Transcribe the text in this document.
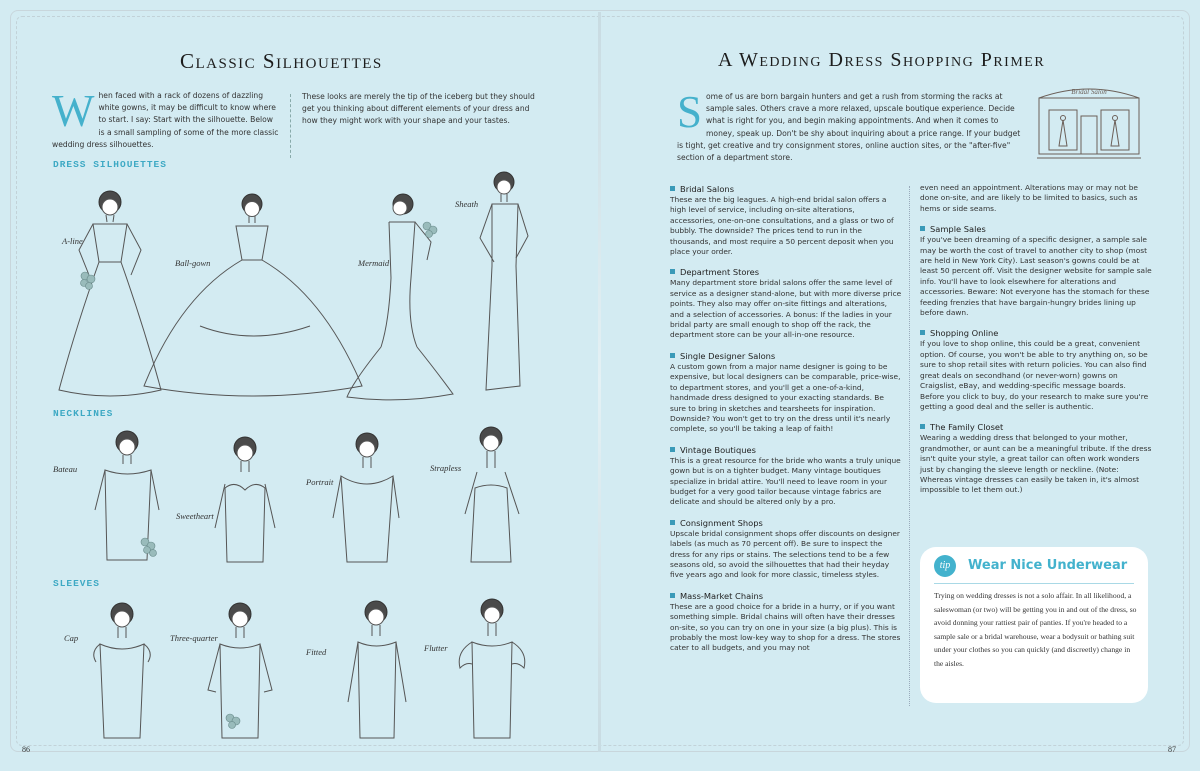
Classic Silhouettes

When faced with a rack of dozens of dazzling white gowns, it may be difficult to know where to start. I say: Start with the silhouette. Below is a small sampling of some of the more classic wedding dress silhouettes.

These looks are merely the tip of the iceberg but they should get you thinking about different elements of your dress and how they might work with your shape and your tastes.

DRESS SILHOUETTES
NECKLINES
SLEEVES
A-line
Ball-gown	Mermaid
Sheath
Bateau
Sweetheart
Portrait
Strapless
Cap	Three-quarter
Fitted	Flutter
86
A Wedding Dress Shopping Primer

Some of us are born bargain hunters and get a rush from storming the racks at sample sales. Others crave a more relaxed, upscale boutique experience. Decide what is right for you, and begin making appointments. And when it comes to money, speak up. Don't be shy about inquiring about a price range. If your budget is tight, get creative and try consignment stores, online auction sites, or the "after-five" section of a department store.

Bridal Salon
Bridal Salons

These are the big leagues. A high-end bridal salon offers a high level of service, including on-site alterations, accessories, one-on-one consultations, and a glass or two of bubbly. The downside? The prices tend to run in the thousands, and most require a 50 percent deposit when you place your order.

Department Stores

Many department store bridal salons offer the same level of service as a designer stand-alone, but with more diverse price points. They also may offer on-site fittings and alterations, and a selection of accessories. A bonus: If the ladies in your bridal party are small enough to shop off the rack, the department store can be your all-in-one resource.

Single Designer Salons

A custom gown from a major name designer is going to be expensive, but local designers can be comparable, price-wise, to department stores, and you'll get a one-of-a-kind, handmade dress designed to your exacting standards. Be sure to bring in sketches and tearsheets for inspiration. Downside? You won't get to try on the dress until it's nearly complete, so you'll be taking a leap of faith!

Vintage Boutiques

This is a great resource for the bride who wants a truly unique gown but is on a tighter budget. Many vintage boutiques specialize in bridal attire. You'll need to leave room in your budget for a very good tailor because vintage fabrics are delicate and should be altered only by a pro.

Consignment Shops

Upscale bridal consignment shops offer discounts on designer labels (as much as 70 percent off). Be sure to inspect the dress for any rips or stains. The selections tend to be a few seasons old, so avoid the silhouettes that had their heyday five years ago and look for more classic, timeless styles.

Mass-Market Chains

These are a good choice for a bride in a hurry, or if you want something simple. Bridal chains will often have their dresses on-site, so you can try on one in your size (a big plus). This is probably the most low-key way to shop for a dress. The stores cater to all budgets, and you may not

even need an appointment. Alterations may or may not be done on-site, and are likely to be limited to basics, such as hems or side seams.

Sample Sales

If you've been dreaming of a specific designer, a sample sale may be worth the cost of travel to another city to shop (most are held in New York City). Last season's gowns could be at least 50 percent off. Visit the designer website for sample sale info. You'll have to look elsewhere for alterations and accessories. Beware: Not everyone has the stomach for these feeding frenzies that have bargain-hungry brides lining up before dawn.

Shopping Online

If you love to shop online, this could be a great, convenient option. Of course, you won't be able to try anything on, so be sure to shop retail sites with return policies. You can also find great deals on secondhand (or never-worn) gowns on Craigslist, eBay, and wedding-specific message boards. Before you click to buy, do your research to make sure you're getting a good deal and the seller is authentic.

The Family Closet

Wearing a wedding dress that belonged to your mother, grandmother, or aunt can be a meaningful tribute. If the dress isn't quite your style, a great tailor can often work wonders just by changing the sleeve length or neckline. (Note: Whereas vintage dresses can easily be taken in, it's almost impossible to let them out.)

tip	Wear Nice Underwear

Trying on wedding dresses is not a solo affair. In all likelihood, a saleswoman (or two) will be getting you in and out of the dress, so avoid donning your rattiest pair of panties. If you're headed to a sample sale or a bridal warehouse, wear a bodysuit or bathing suit under your clothes so you can quickly (and discreetly) change in the aisles.

87
